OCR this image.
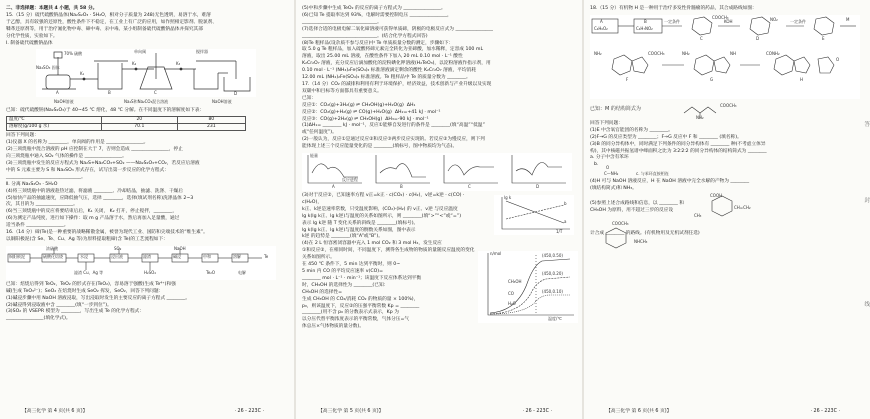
二、非选择题：本题共 4 小题，共 58 分。

15.（15 分）硫代硫酸钠晶体(Na₂S₂O₃ · 5H₂O，相对分子质量为 248)无色透明，易溶于水，难溶

于乙醇，具有较强的还原性，酸性条件下不稳定，在工业上有广泛的应用，如作照相定影剂、脱氯剂、

鞣革还原剂等，用于治疗氰化物中毒、砷中毒、汞中毒。某小组制备硫代硫酸钠晶体并探究其部

分化学性质，实验如下。

Ⅰ. 制备硫代硫酸钠晶体

70% 硫酸
K₁
K₂	K₃
单向阀	搅拌器
Na₂SO₃ 固体
A	B	C	D
NaOH溶液	Na₂S和Na₂CO₃混合溶液	NaOH溶液

已知：硫代硫酸钠(Na₂S₂O₃)于 40~45 ℃ 熔化，48 ℃ 分解。在不同温度下的溶解度如下表：

温度/℃	20	80
溶解度(g/100 g 水)	70.1	231

回答下列问题：

(1)仪器 X 的名称为 ________，单向阀的作用是 ________________。

(2)三颈烧瓶中混合溶液的 pH 应控制在大于 7，否则会造成 ________________，停止

向三颈烧瓶中通入 SO₂ 气体的操作是 ________________。

(3)三颈烧瓶中发生的反应方程式为 Na₂S+Na₂CO₃+SO₂ ——Na₂S₂O₃+CO₂，若反应后溶液

中的 S 元素主要为 S 和 Na₂SO₃ 形式存在，试写出第一步反应的化学方程式：

________________________________。

Ⅱ. 分离 Na₂S₂O₃ · 5H₂O

(4)将三颈烧瓶中的溶液趁热过滤，将滤液 ________、冷却结晶，抽滤、洗涤、干燥后

(5)加快产品的抽滤速度，应降低抽气压，选择 ________，选择(填试剂名称)洗涤晶体 2~3

次，其目的为 ________________。

(6)当三颈烧瓶中的反应将要结束后后，K₁ 关闭， K₂ 打开，停止搅拌，________，

(6)为测定产品纯度，进行如下操作：取 m g 产品溶于水，然后再加入足量酸，通过

适当条件 ________________。

16.（14 分）碲(Te)是一种重要的战略稀散金属，被誉为现代工业、国防和尖端技术的“维生素”。

以铜阳极泥(含 Se、Te、Cu、Ag 等)为原料提取粗碲(含 Te)的工艺流程如下：

铜阳极泥	硫酸化焙烧	水浸	浸出液	滤渣	碱浸	中和	溶解	Te
浓硫酸	SO₂	NaOH
滤渣 Cu、Ag 等	H₂SO₄	Te₂O	电解

已知：焙烧后得到 TeO₂，TeO₂ 的形式存在(TeO₂)，容易溶于强酸(生成 Te⁴⁺)和强

碱(生成 TeO₃²⁻)；SeO₂ 在焙烧时生成 SeO₂ 挥发，SeO₂，回答下列问题：

(1)碱浸步骤中用 NaOH 溶液浸取，写出浸取时发生的主要反应的离子方程式 ________。

(2)碱浸得到浸取液中含 ________(填“一步到位”)。

(3)SO₂ 的 VSEPR 模型为 ________，写出生成 Te 的化学方程式：

________________(填化学式)。

【高三化学 第 4 页(共 6 页)】	· 26 - 223C ·

(5)中和步骤中生成 TeO₂ 的反应的离子方程式为 ________________。

(6)已知 Te 提取率达到 93%，电解时需要控制电压 ________________，

________________________________。

(7)选择合适的电极电解二氧化碲溶液可获得单质碲，阴极的电极反应式为 ________________

________________________________。(结合化学方程式回答)

(8)Te 粗样品(设杂质不参与反应)中 Te 单质质量分数的测定，步骤如下：

取 5.0 g Te 粗样品，加入硫酸将碲元素完全转化为亚碲酸，加水稀释，定容成 100 mL

溶液，取出 25.00 mL 溶液，在酸性条件下加入 20 mL 0.10 mol · L⁻¹ 酸性

K₂Cr₂O₇ 溶液，充分反应后滴加酸化的淀粉碘化钾溶液(H₂TeO₃)，以淀粉溶液作指示剂，用

0.10 mol · L⁻¹ (NH₄)₂Fe(SO₄)₂ 标准溶液滴定剩余的酸性 K₂Cr₂O₇ 溶液，平均消耗

12.00 mL (NH₄)₂Fe(SO₄)₂ 标准溶液。Te 粗样品中 Te 的质量分数为 ________。

17.（14 分）CO₂ 的减排和利用有利于环境保护，经济效益，技术创新与产业升级以及实现

双碳中和目标等方面都具有重要意义。

已知：

反应①：CO₂(g)+3H₂(g) ⇌ CH₃OH(g)+H₂O(g)  ΔH₁

反应②：CO₂(g)+H₂(g) ⇌ CO(g)+H₂O(g)  ΔH₂=+41 kJ · mol⁻¹

反应③：CO(g)+2H₂(g) ⇌ CH₃OH(g)  ΔH₃=-90 kJ · mol⁻¹

(1)ΔH₁= ________ kJ · mol⁻¹，反应①能够自发进行的条件是 ________(填“高温”“低温”

或“任何温度”)。

(2)一般认为，反应①是通过反应②和反应③两步反应实现的。若反应②为慢反应，则下列

能体现上述三个反应能量变化的是 ________(填标号，图中物质均为气态)。

A	B	C	D
能量
反应进程

(3)对于反应②，已知速率方程 v正=k正 · c(CO₂) · c(H₂)，v逆=k逆 · c(CO) · c(H₂O)，

k正、k逆是速率常数，只受温度影响，(CO₂)·(H₂) 的 v正、v逆 与反应温度

lg k(lg k正、lg k逆)与温度的关系如图所示，则 ________(填“>”“<”或“=”)

表示 lg k逆 随 T 变化关系的斜线是 ________(填标号)。

lg k(lg k正、lg k逆)与温度的倒数关系如图，图中表示

k逆 的趋势是 ________(填“A”或“B”)。

(4)在 2 L 恒容密闭容器中充入 1 mol CO₂ 和 3 mol H₂，发生反应

①和反应②，在相同时间，不同温度下，测得各生成物的物质的量随反应温度的变化

关系如图所示。

在 450 ℃ 条件下，5 min 达到平衡时，则 0~

5 min 内 CO 的平均反应速率 v(CO)=

________ mol · L⁻¹ · min⁻¹；该温度下反应体系达到平衡

时，CH₃OH 的选择性为 ________(已知：

CH₃OH 的选择性=

生成 CH₃OH 的 CO₂/消耗 CO₂ 的物质的量 × 100%)，

p₀，则该温度下，反应②的压强平衡常数 Kp = ________

________(用不含 p₀ 的分数表示式表示，Kp 为

以分压代替平衡浓度表示的平衡常数，气体分压=气

体总压×气体物质的量分数)。

lg k
1/T
a
b
n/mol
温度/℃
(450,0.50)
(450,0.20)
(450,0.10)
CH₃OH
CO
H₂O
【高三化学 第 5 页(共 6 页)】	· 26 - 223C ·

18.（15 分）有机物 H 是一种用于治疗多发性骨髓瘤的药品，其合成路线如图：

A
C₄H₆O₂
B
C₄H₇NO₂
一定条件
C
COOCH₃
KOH
D
NO₂	一定条件
E
M
F
NH₂	COOCH₃
G
NH₂	NH
H
O
CONH₂
已知：M 的结构简式为
COOCH₃
NH₂

回答下列问题：

(1)E 中含氧官能团的名称为 ________。

(2)F→G 的反应类型为 ________；F→G 反应中 F 和 ________ (填名称)。

(3)B 的同分异构体中，同时满足下列条件的同分异构体有 ________ 种(不考虑立体异

构)，其中核磁共振氢谱中峰面积之比为 3∶2∶2∶2 的同分异构体的结构简式为 ________

a. 分子中含有苯环

b.

C—NH₂
O
c. 与苯环直接相连

(4)H 可与 NaOH 溶液反应，H 在 NaOH 溶液中完全水解的产物为 ________

(填结构简式)和 NH₃。

COOH
CH=CH₂
CH₃

(5)参照上述合成路线和信息，以 ________ 和 CH₃OH 为原料，用不超过三步的反应设

COOCH₃
NHCH₃

计合成 ________ 的路线。(有机物用及无机试剂任选)

答
封
线
【高三化学 第 6 页(共 6 页)】	· 26 - 223C ·
